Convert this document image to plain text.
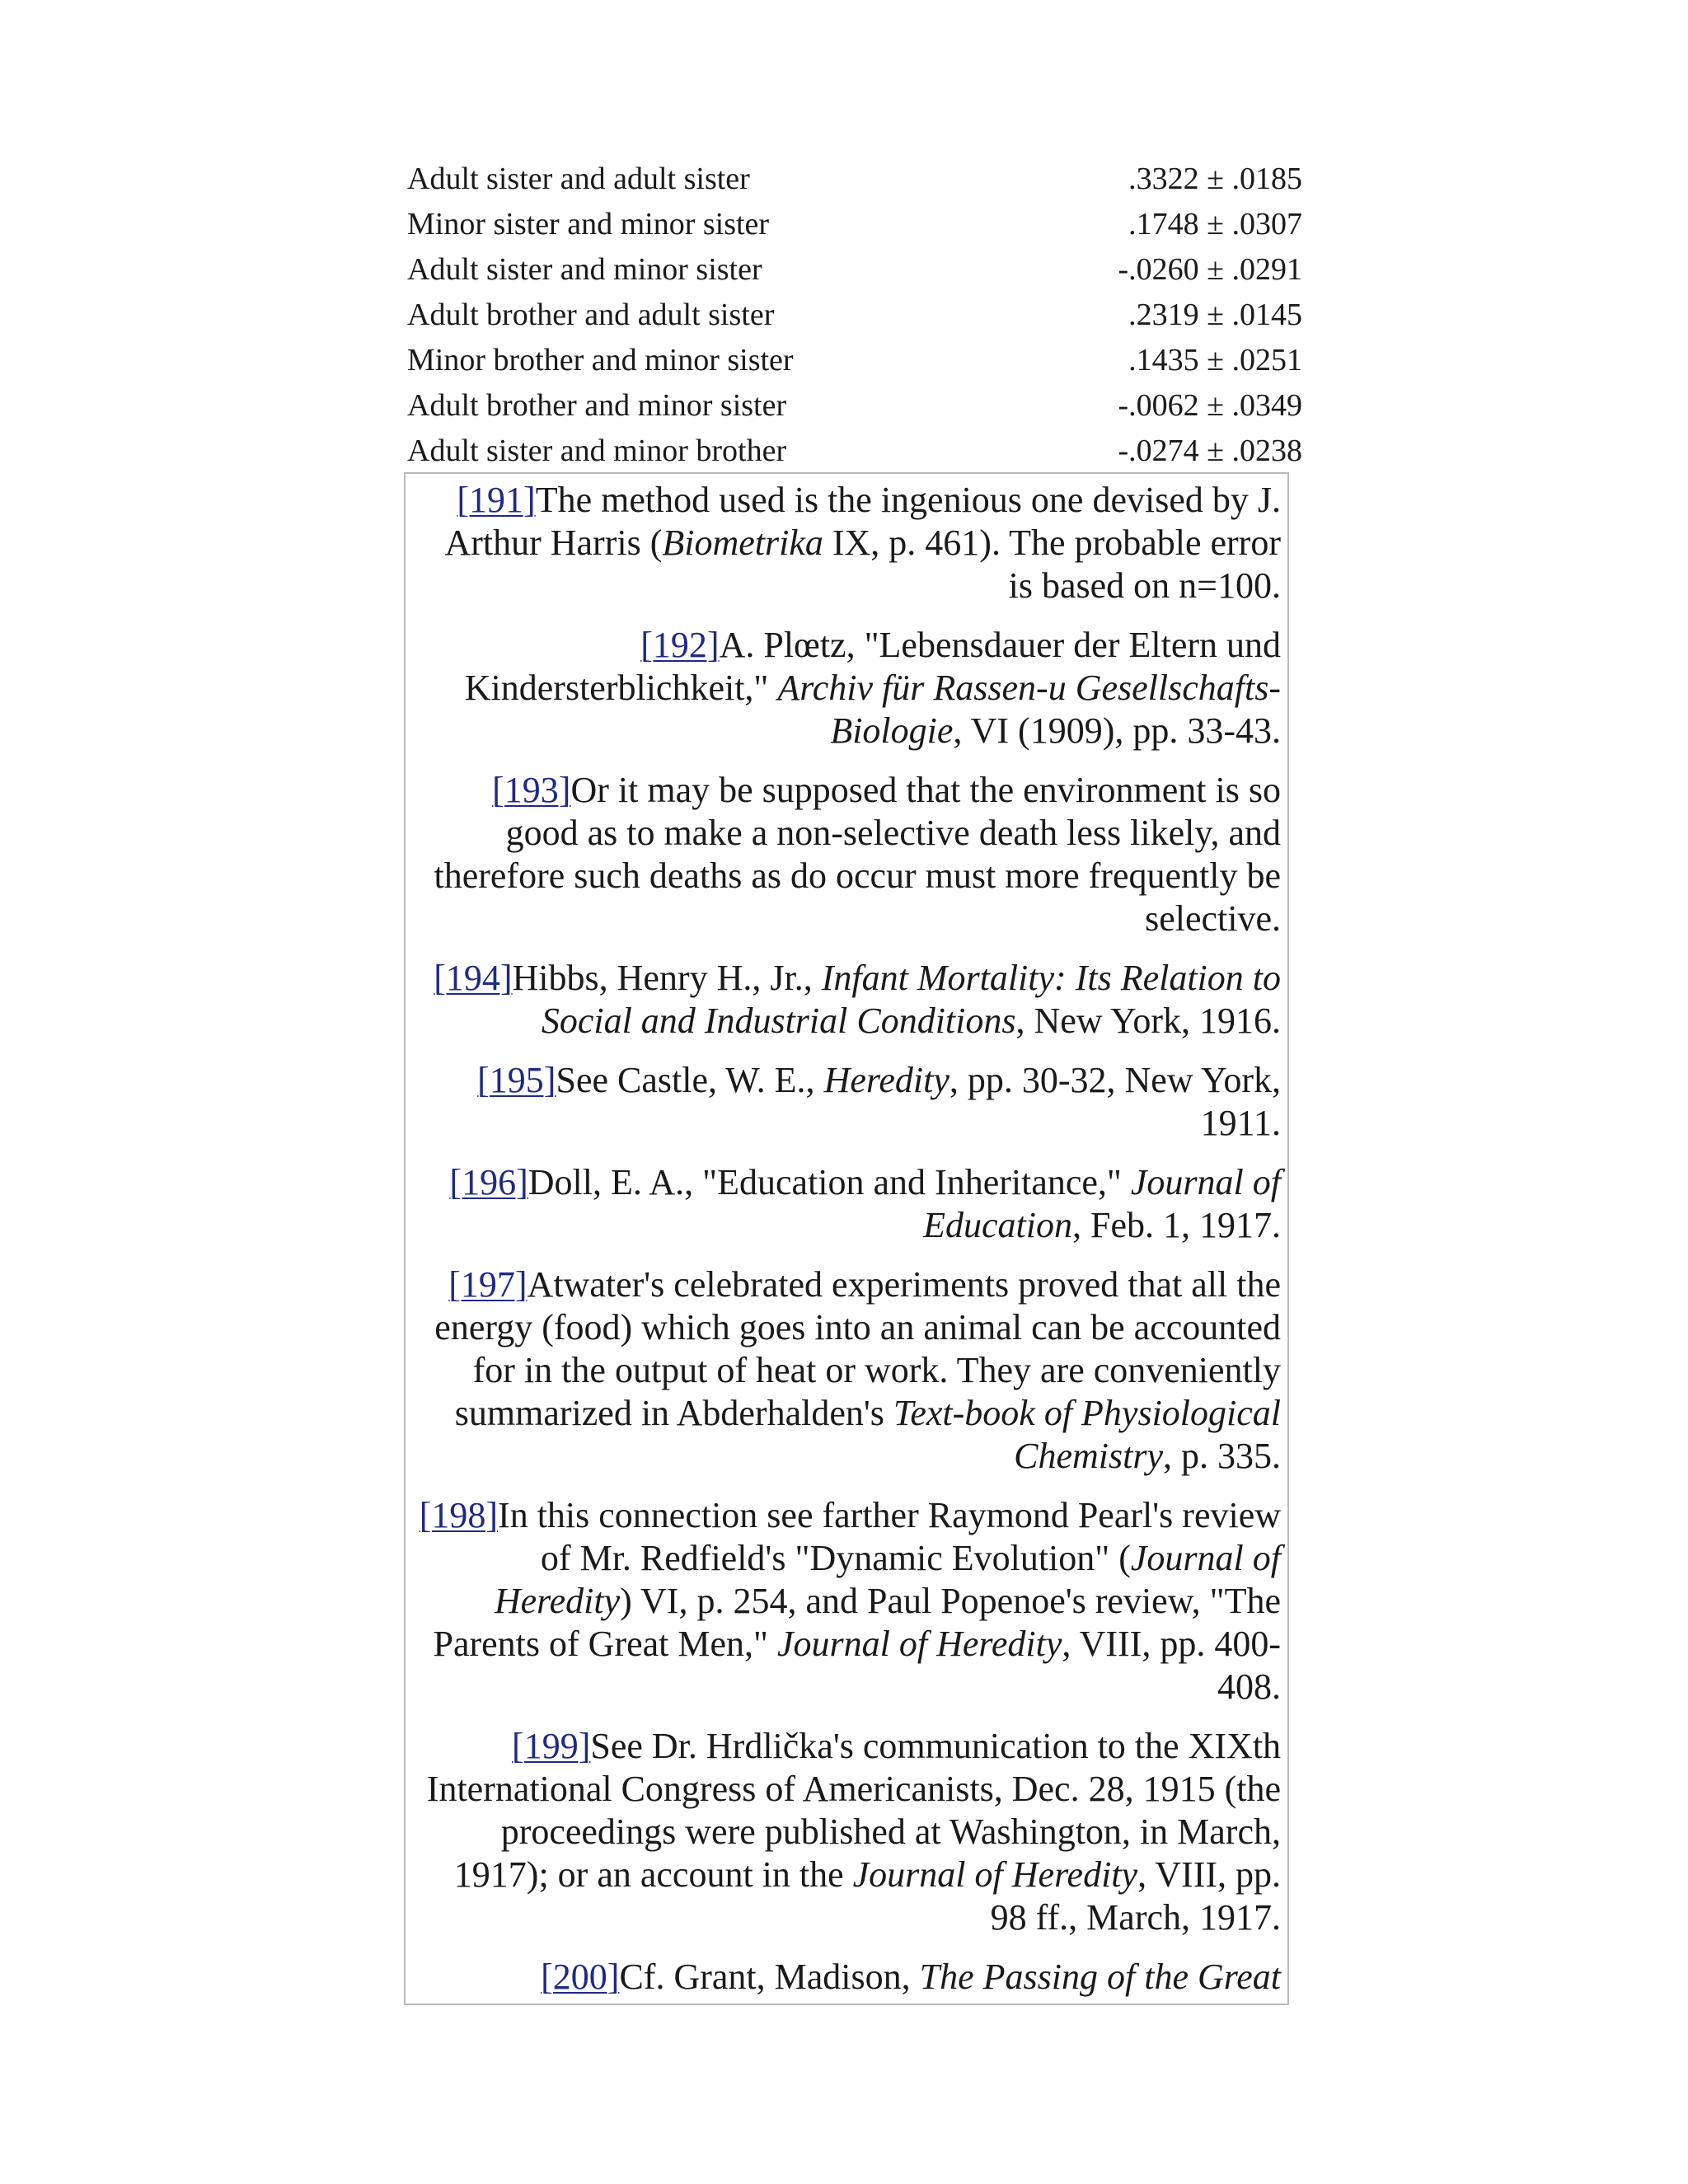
Adult sister and adult sister	.3322 ± .0185
Minor sister and minor sister	.1748 ± .0307
Adult sister and minor sister	-.0260 ± .0291
Adult brother and adult sister	.2319 ± .0145
Minor brother and minor sister	.1435 ± .0251
Adult brother and minor sister	-.0062 ± .0349
Adult sister and minor brother	-.0274 ± .0238

[191]The method used is the ingenious one devised by J. Arthur Harris (Biometrika IX, p. 461). The probable error is based on n=100.

[192]A. Plœtz, "Lebensdauer der Eltern und Kindersterblichkeit," Archiv für Rassen-u Gesellschafts-Biologie, VI (1909), pp. 33-43.

[193]Or it may be supposed that the environment is so good as to make a non-selective death less likely, and therefore such deaths as do occur must more frequently be selective.

[194]Hibbs, Henry H., Jr., Infant Mortality: Its Relation to Social and Industrial Conditions, New York, 1916.

[195]See Castle, W. E., Heredity, pp. 30-32, New York, 1911.

[196]Doll, E. A., "Education and Inheritance," Journal of Education, Feb. 1, 1917.

[197]Atwater's celebrated experiments proved that all the energy (food) which goes into an animal can be accounted for in the output of heat or work. They are conveniently summarized in Abderhalden's Text-book of Physiological Chemistry, p. 335.

[198]In this connection see farther Raymond Pearl's review of Mr. Redfield's "Dynamic Evolution" (Journal of Heredity) VI, p. 254, and Paul Popenoe's review, "The Parents of Great Men," Journal of Heredity, VIII, pp. 400-408.

[199]See Dr. Hrdlička's communication to the XIXth International Congress of Americanists, Dec. 28, 1915 (the proceedings were published at Washington, in March, 1917); or an account in the Journal of Heredity, VIII, pp. 98 ff., March, 1917.

[200]Cf. Grant, Madison, The Passing of the Great
